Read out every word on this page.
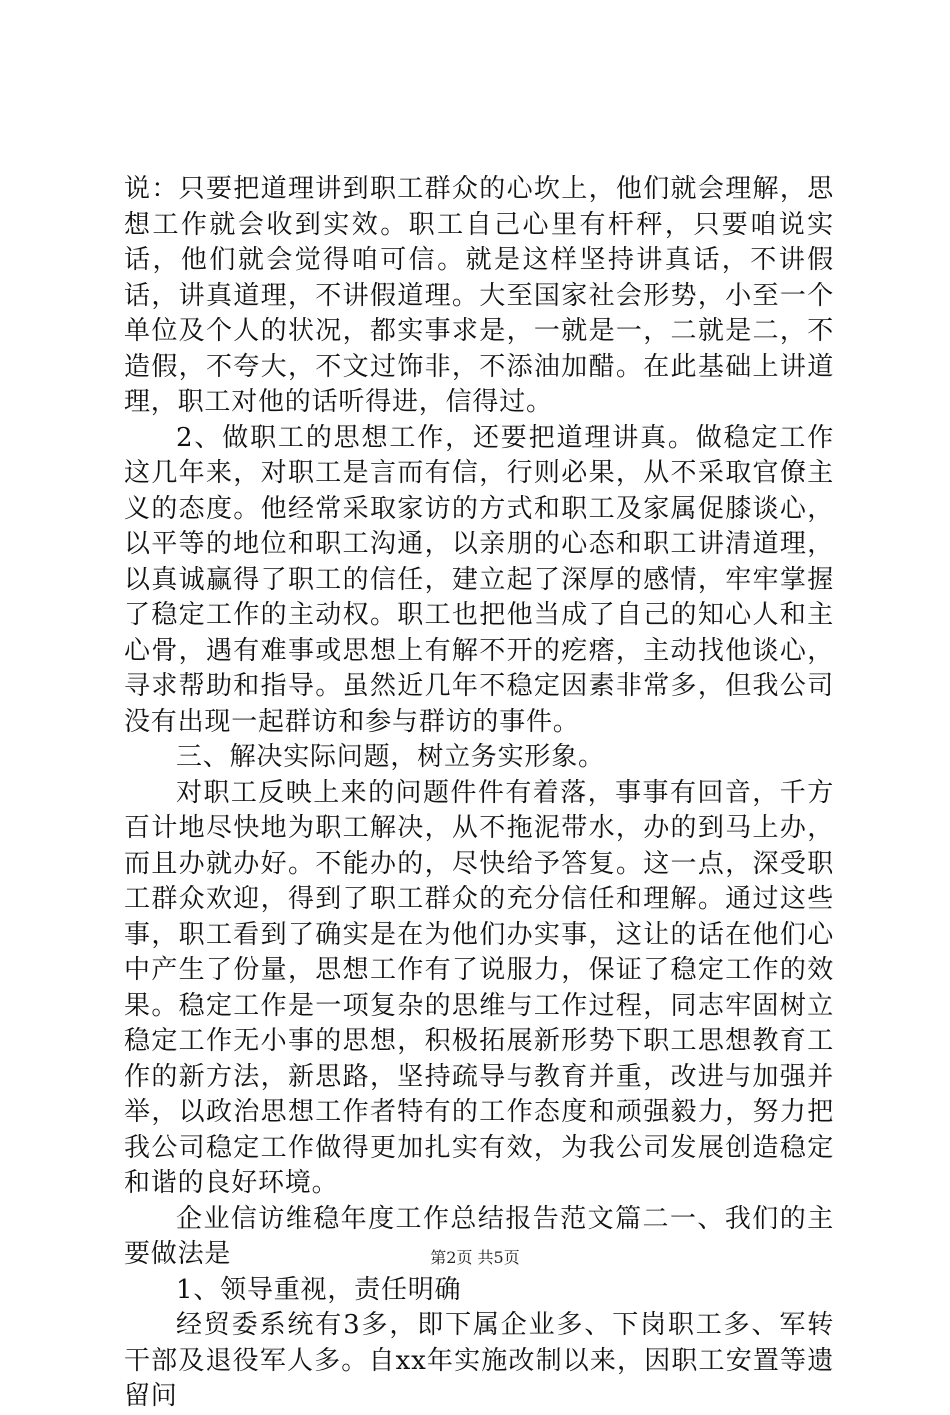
说：只要把道理讲到职工群众的心坎上，他们就会理解，思想工作就会收到实效。职工自己心里有杆秤，只要咱说实话，他们就会觉得咱可信。就是这样坚持讲真话，不讲假话，讲真道理，不讲假道理。大至国家社会形势，小至一个单位及个人的状况，都实事求是，一就是一，二就是二，不造假，不夸大，不文过饰非，不添油加醋。在此基础上讲道理，职工对他的话听得进，信得过。

2、做职工的思想工作，还要把道理讲真。做稳定工作这几年来，对职工是言而有信，行则必果，从不采取官僚主义的态度。他经常采取家访的方式和职工及家属促膝谈心，以平等的地位和职工沟通，以亲朋的心态和职工讲清道理，以真诚赢得了职工的信任，建立起了深厚的感情，牢牢掌握了稳定工作的主动权。职工也把他当成了自己的知心人和主心骨，遇有难事或思想上有解不开的疙瘩，主动找他谈心，寻求帮助和指导。虽然近几年不稳定因素非常多，但我公司没有出现一起群访和参与群访的事件。

三、解决实际问题，树立务实形象。

对职工反映上来的问题件件有着落，事事有回音，千方百计地尽快地为职工解决，从不拖泥带水，办的到马上办，而且办就办好。不能办的，尽快给予答复。这一点，深受职工群众欢迎，得到了职工群众的充分信任和理解。通过这些事，职工看到了确实是在为他们办实事，这让的话在他们心中产生了份量，思想工作有了说服力，保证了稳定工作的效果。稳定工作是一项复杂的思维与工作过程，同志牢固树立稳定工作无小事的思想，积极拓展新形势下职工思想教育工作的新方法，新思路，坚持疏导与教育并重，改进与加强并举，以政治思想工作者特有的工作态度和顽强毅力，努力把我公司稳定工作做得更加扎实有效，为我公司发展创造稳定和谐的良好环境。

企业信访维稳年度工作总结报告范文篇二一、我们的主要做法是

1、领导重视，责任明确

经贸委系统有3多，即下属企业多、下岗职工多、军转干部及退役军人多。自xx年实施改制以来，因职工安置等遗留问

第2页 共5页
